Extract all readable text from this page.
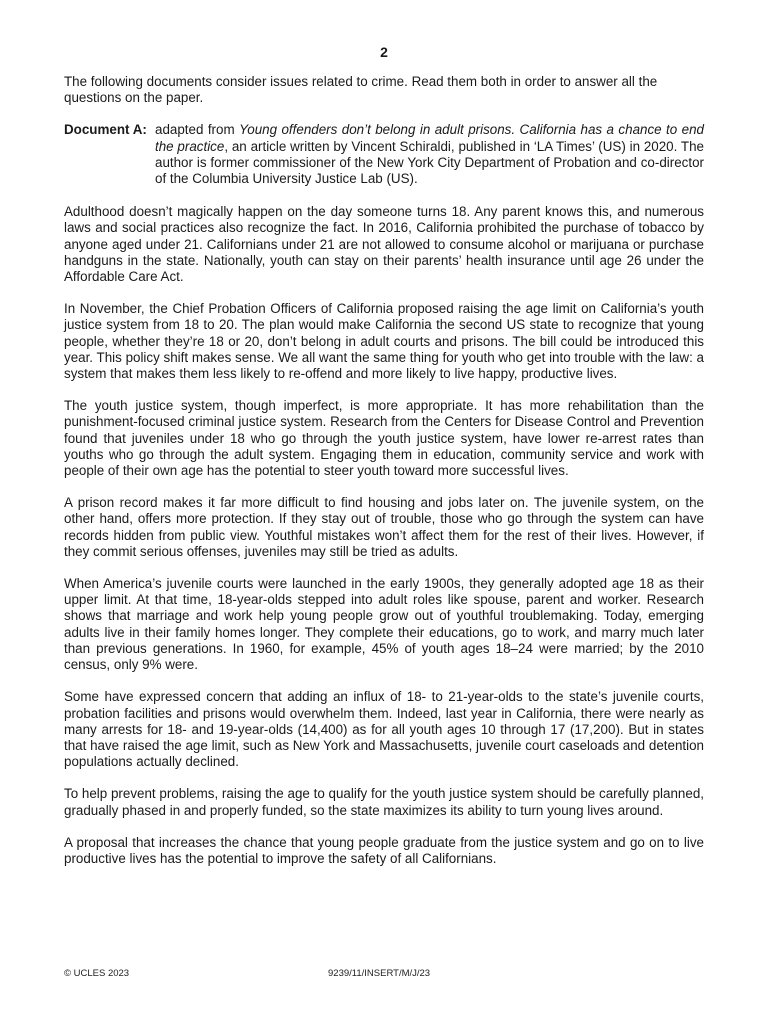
2

The following documents consider issues related to crime. Read them both in order to answer all the questions on the paper.

Document A: adapted from Young offenders don’t belong in adult prisons. California has a chance to end the practice, an article written by Vincent Schiraldi, published in ‘LA Times’ (US) in 2020. The author is former commissioner of the New York City Department of Probation and co-director of the Columbia University Justice Lab (US).

Adulthood doesn’t magically happen on the day someone turns 18. Any parent knows this, and numerous laws and social practices also recognize the fact. In 2016, California prohibited the purchase of tobacco by anyone aged under 21. Californians under 21 are not allowed to consume alcohol or marijuana or purchase handguns in the state. Nationally, youth can stay on their parents’ health insurance until age 26 under the Affordable Care Act.

In November, the Chief Probation Officers of California proposed raising the age limit on California’s youth justice system from 18 to 20. The plan would make California the second US state to recognize that young people, whether they’re 18 or 20, don’t belong in adult courts and prisons. The bill could be introduced this year. This policy shift makes sense. We all want the same thing for youth who get into trouble with the law: a system that makes them less likely to re-offend and more likely to live happy, productive lives.

The youth justice system, though imperfect, is more appropriate. It has more rehabilitation than the punishment-focused criminal justice system. Research from the Centers for Disease Control and Prevention found that juveniles under 18 who go through the youth justice system, have lower re-arrest rates than youths who go through the adult system. Engaging them in education, community service and work with people of their own age has the potential to steer youth toward more successful lives.

A prison record makes it far more difficult to find housing and jobs later on. The juvenile system, on the other hand, offers more protection. If they stay out of trouble, those who go through the system can have records hidden from public view. Youthful mistakes won’t affect them for the rest of their lives. However, if they commit serious offenses, juveniles may still be tried as adults.

When America’s juvenile courts were launched in the early 1900s, they generally adopted age 18 as their upper limit. At that time, 18-year-olds stepped into adult roles like spouse, parent and worker. Research shows that marriage and work help young people grow out of youthful troublemaking. Today, emerging adults live in their family homes longer. They complete their educations, go to work, and marry much later than previous generations. In 1960, for example, 45% of youth ages 18–24 were married; by the 2010 census, only 9% were.

Some have expressed concern that adding an influx of 18- to 21-year-olds to the state’s juvenile courts, probation facilities and prisons would overwhelm them. Indeed, last year in California, there were nearly as many arrests for 18- and 19-year-olds (14,400) as for all youth ages 10 through 17 (17,200). But in states that have raised the age limit, such as New York and Massachusetts, juvenile court caseloads and detention populations actually declined.

To help prevent problems, raising the age to qualify for the youth justice system should be carefully planned, gradually phased in and properly funded, so the state maximizes its ability to turn young lives around.

A proposal that increases the chance that young people graduate from the justice system and go on to live productive lives has the potential to improve the safety of all Californians.

© UCLES 2023	9239/11/INSERT/M/J/23
